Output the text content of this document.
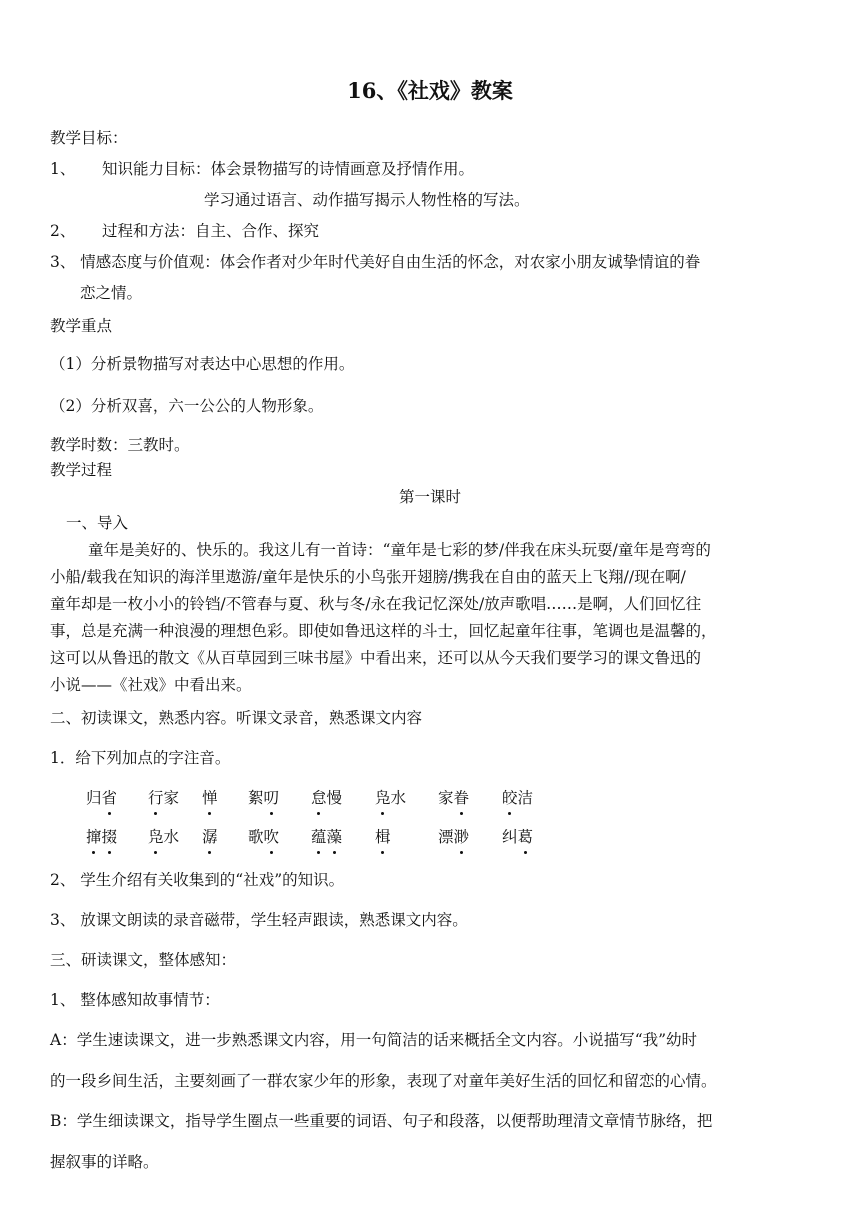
16、《社戏》教案
教学目标：
1、 知识能力目标：体会景物描写的诗情画意及抒情作用。
学习通过语言、动作描写揭示人物性格的写法。
2、 过程和方法：自主、合作、探究
3、 情感态度与价值观：体会作者对少年时代美好自由生活的怀念，对农家小朋友诚挚情谊的眷
恋之情。
教学重点
（1）分析景物描写对表达中心思想的作用。
（2）分析双喜，六一公公的人物形象。
教学时数：三教时。
教学过程
第一课时
一、导入
童年是美好的、快乐的。我这儿有一首诗：“童年是七彩的梦/伴我在床头玩耍/童年是弯弯的
小船/载我在知识的海洋里遨游/童年是快乐的小鸟张开翅膀/携我在自由的蓝天上飞翔//现在啊/
童年却是一枚小小的铃铛/不管春与夏、秋与冬/永在我记忆深处/放声歌唱……是啊，人们回忆往
事，总是充满一种浪漫的理想色彩。即使如鲁迅这样的斗士，回忆起童年往事，笔调也是温馨的，
这可以从鲁迅的散文《从百草园到三味书屋》中看出来，还可以从今天我们要学习的课文鲁迅的
小说——《社戏》中看出来。
二、初读课文，熟悉内容。听课文录音，熟悉课文内容
1．给下列加点的字注音。
归省 行家 惮 絮叨 怠慢 凫水 家眷 皎洁
撺掇 凫水 潺 歌吹 蕴藻 楫	漂渺 纠葛
2、 学生介绍有关收集到的“社戏”的知识。
3、 放课文朗读的录音磁带，学生轻声跟读，熟悉课文内容。
三、研读课文，整体感知：
1、 整体感知故事情节：
A：学生速读课文，进一步熟悉课文内容，用一句简洁的话来概括全文内容。小说描写“我”幼时
的一段乡间生活，主要刻画了一群农家少年的形象，表现了对童年美好生活的回忆和留恋的心情。
B：学生细读课文，指导学生圈点一些重要的词语、句子和段落，以便帮助理清文章情节脉络，把
握叙事的详略。
